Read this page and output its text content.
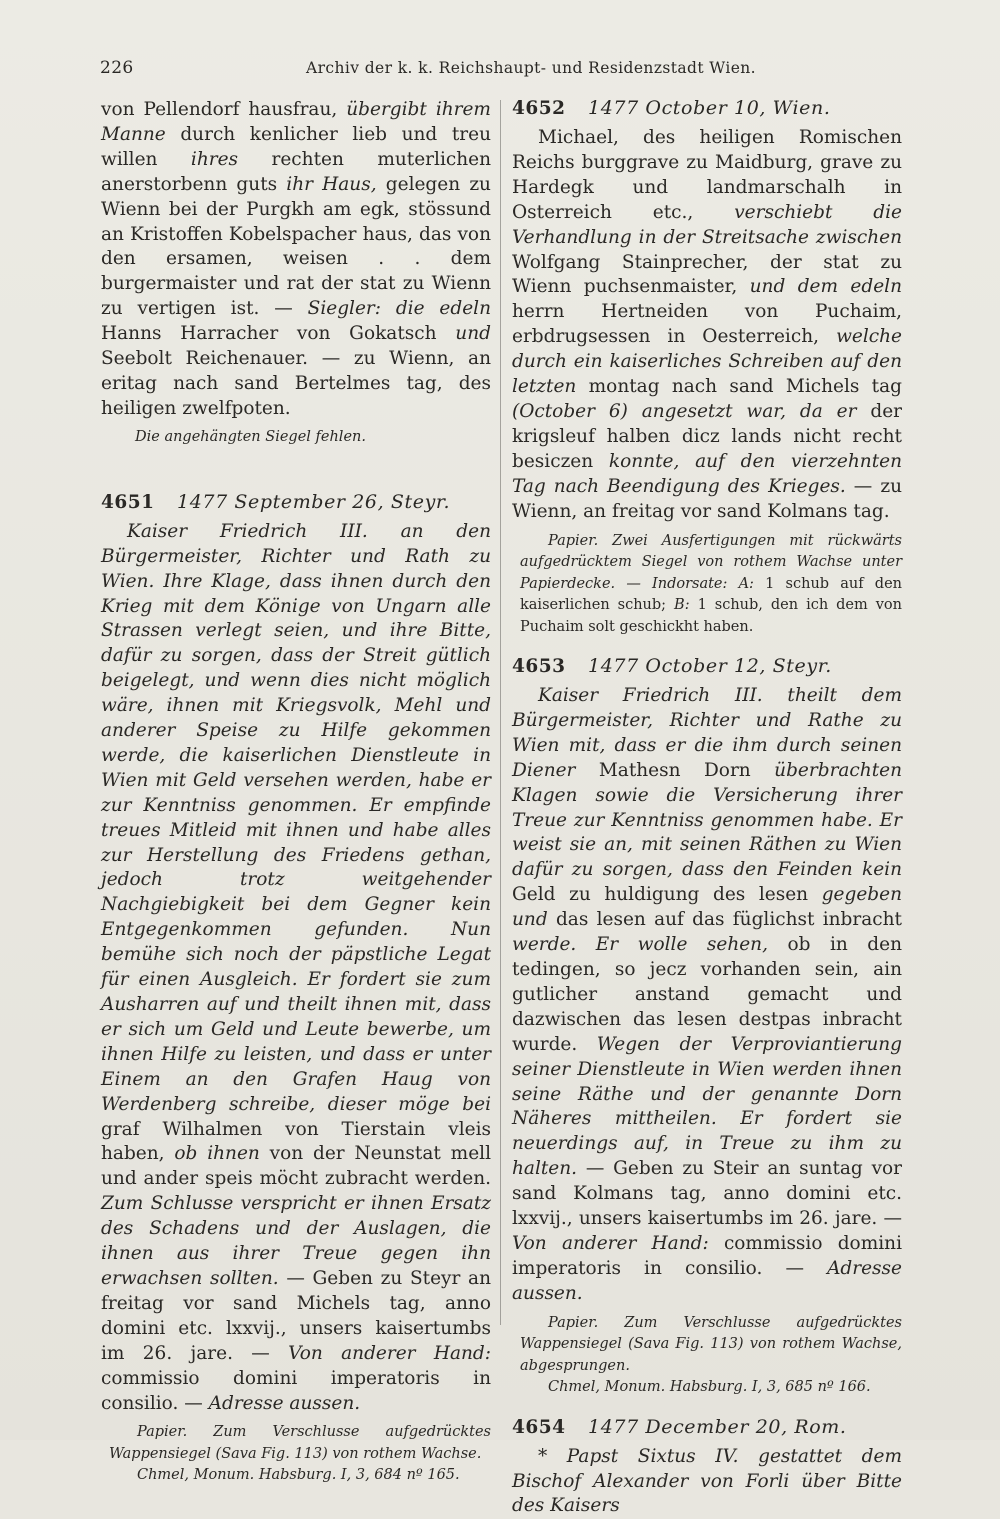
226	Archiv der k. k. Reichshaupt- und Residenzstadt Wien.

von Pellendorf hausfrau, übergibt ihrem Manne durch kenlicher lieb und treu willen ihres rechten muterlichen anerstorbenn guts ihr Haus, gelegen zu Wienn bei der Purgkh am egk, stössund an Kristoffen Kobelspacher haus, das von den ersamen, weisen . . dem burgermaister und rat der stat zu Wienn zu vertigen ist. — Siegler: die edeln Hanns Harracher von Gokatsch und Seebolt Reichenauer. — zu Wienn, an eritag nach sand Bertelmes tag, des heiligen zwelfpoten.

Die angehängten Siegel fehlen.
4651	1477 September 26, Steyr.

Kaiser Friedrich III. an den Bürgermeister, Richter und Rath zu Wien. Ihre Klage, dass ihnen durch den Krieg mit dem Könige von Ungarn alle Strassen verlegt seien, und ihre Bitte, dafür zu sorgen, dass der Streit gütlich beigelegt, und wenn dies nicht möglich wäre, ihnen mit Kriegsvolk, Mehl und anderer Speise zu Hilfe gekommen werde, die kaiserlichen Dienstleute in Wien mit Geld versehen werden, habe er zur Kenntniss genommen. Er empfinde treues Mitleid mit ihnen und habe alles zur Herstellung des Friedens gethan, jedoch trotz weitgehender Nachgiebigkeit bei dem Gegner kein Entgegenkommen gefunden. Nun bemühe sich noch der päpstliche Legat für einen Ausgleich. Er fordert sie zum Ausharren auf und theilt ihnen mit, dass er sich um Geld und Leute bewerbe, um ihnen Hilfe zu leisten, und dass er unter Einem an den Grafen Haug von Werdenberg schreibe, dieser möge bei graf Wilhalmen von Tierstain vleis haben, ob ihnen von der Neunstat mell und ander speis möcht zubracht werden. Zum Schlusse verspricht er ihnen Ersatz des Schadens und der Auslagen, die ihnen aus ihrer Treue gegen ihn erwachsen sollten. — Geben zu Steyr an freitag vor sand Michels tag, anno domini etc. lxxvij., unsers kaisertumbs im 26. jare. — Von anderer Hand: commissio domini imperatoris in consilio. — Adresse aussen.

Papier. Zum Verschlusse aufgedrücktes Wappensiegel (Sava Fig. 113) von rothem Wachse.
Chmel, Monum. Habsburg. I, 3, 684 nº 165.
4652	1477 October 10, Wien.

Michael, des heiligen Romischen Reichs burggrave zu Maidburg, grave zu Hardegk und landmarschalh in Osterreich etc., verschiebt die Verhandlung in der Streitsache zwischen Wolfgang Stainprecher, der stat zu Wienn puchsenmaister, und dem edeln herrn Hertneiden von Puchaim, erbdrugsessen in Oesterreich, welche durch ein kaiserliches Schreiben auf den letzten montag nach sand Michels tag (October 6) angesetzt war, da er der krigsleuf halben dicz lands nicht recht besiczen konnte, auf den vierzehnten Tag nach Beendigung des Krieges. — zu Wienn, an freitag vor sand Kolmans tag.

Papier. Zwei Ausfertigungen mit rückwärts aufgedrücktem Siegel von rothem Wachse unter Papierdecke. — Indorsate: A: 1 schub auf den kaiserlichen schub; B: 1 schub, den ich dem von Puchaim solt geschickht haben.
4653	1477 October 12, Steyr.

Kaiser Friedrich III. theilt dem Bürgermeister, Richter und Rathe zu Wien mit, dass er die ihm durch seinen Diener Mathesn Dorn überbrachten Klagen sowie die Versicherung ihrer Treue zur Kenntniss genommen habe. Er weist sie an, mit seinen Räthen zu Wien dafür zu sorgen, dass den Feinden kein Geld zu huldigung des lesen gegeben und das lesen auf das füglichst inbracht werde. Er wolle sehen, ob in den tedingen, so jecz vorhanden sein, ain gutlicher anstand gemacht und dazwischen das lesen destpas inbracht wurde. Wegen der Verproviantierung seiner Dienstleute in Wien werden ihnen seine Räthe und der genannte Dorn Näheres mittheilen. Er fordert sie neuerdings auf, in Treue zu ihm zu halten. — Geben zu Steir an suntag vor sand Kolmans tag, anno domini etc. lxxvij., unsers kaisertumbs im 26. jare. — Von anderer Hand: commissio domini imperatoris in consilio. — Adresse aussen.

Papier. Zum Verschlusse aufgedrücktes Wappensiegel (Sava Fig. 113) von rothem Wachse, abgesprungen.
Chmel, Monum. Habsburg. I, 3, 685 nº 166.
4654	1477 December 20, Rom.

* Papst Sixtus IV. gestattet dem Bischof Alexander von Forli über Bitte des Kaisers
